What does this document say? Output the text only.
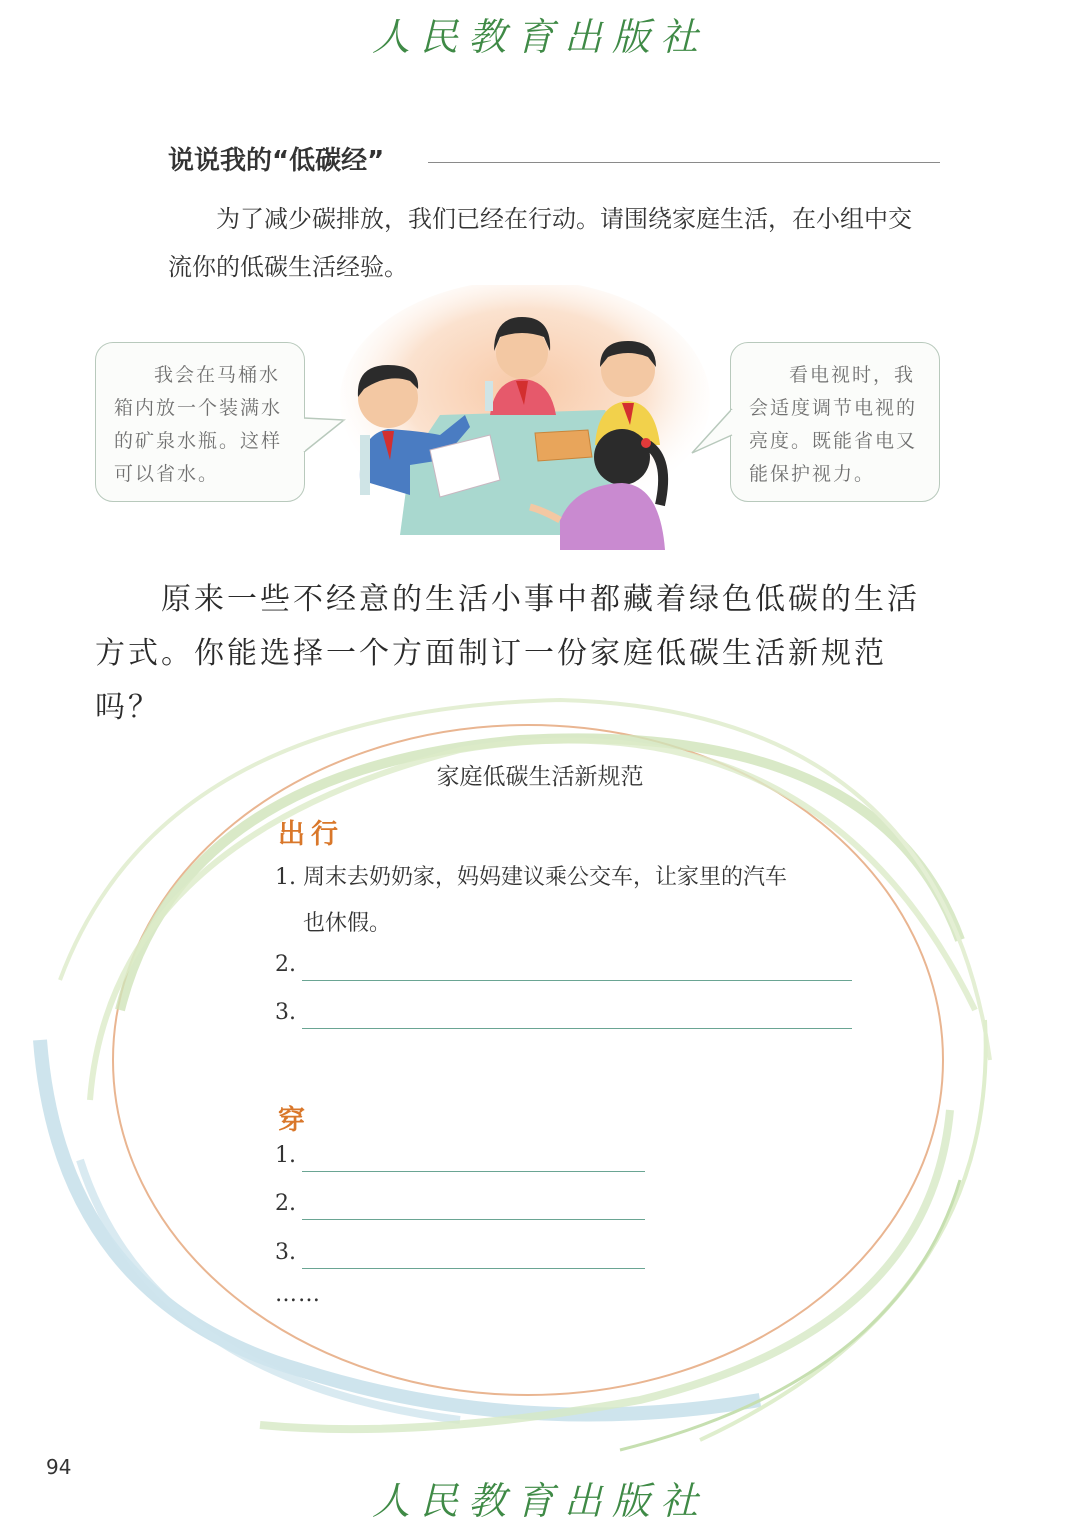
人民教育出版社
说说我的“低碳经”
为了减少碳排放，我们已经在行动。请围绕家庭生活，在小组中交
流你的低碳生活经验。
我会在马桶水
箱内放一个装满水
的矿泉水瓶。这样
可以省水。
看电视时，我
会适度调节电视的
亮度。既能省电又
能保护视力。
原来一些不经意的生活小事中都藏着绿色低碳的生活
方式。你能选择一个方面制订一份家庭低碳生活新规范吗？
家庭低碳生活新规范
出行
1. 周末去奶奶家，妈妈建议乘公交车，让家里的汽车
也休假。
2.
3.
穿
1.
2.
3.
……
94
人民教育出版社
